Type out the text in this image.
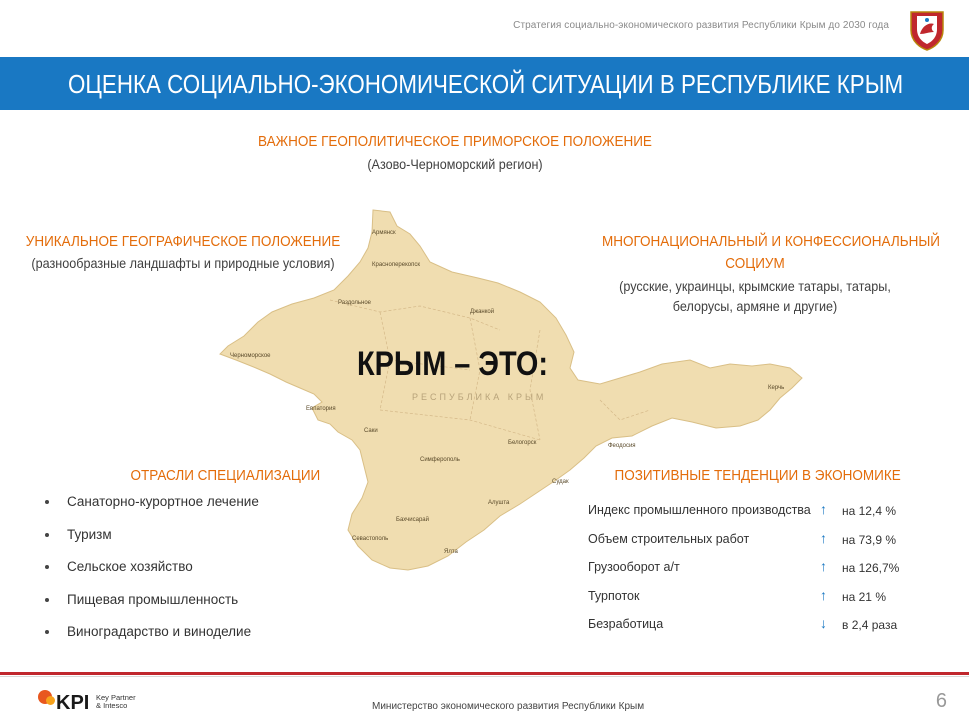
Стратегия социально-экономического развития Республики Крым до 2030 года
ОЦЕНКА СОЦИАЛЬНО-ЭКОНОМИЧЕСКОЙ СИТУАЦИИ В РЕСПУБЛИКЕ КРЫМ
Армянск
Красноперекопск
Раздольное
Джанкой
Черноморское
Евпатория
Саки
Симферополь
Бахчисарай
Алушта
Судак
Феодосия
Керчь
Севастополь
Ялта
Белогорск
РЕСПУБЛИКА КРЫМ
ВАЖНОЕ ГЕОПОЛИТИЧЕСКОЕ ПРИМОРСКОЕ ПОЛОЖЕНИЕ
(Азово-Черноморский регион)
УНИКАЛЬНОЕ ГЕОГРАФИЧЕСКОЕ ПОЛОЖЕНИЕ
(разнообразные ландшафты и природные условия)
МНОГОНАЦИОНАЛЬНЫЙ И КОНФЕССИОНАЛЬНЫЙ
СОЦИУМ
(русские, украинцы, крымские татары, татары,
белорусы, армяне и другие)
КРЫМ – ЭТО:
ОТРАСЛИ СПЕЦИАЛИЗАЦИИ
Санаторно-курортное лечение
Туризм
Сельское хозяйство
Пищевая промышленность
Виноградарство и виноделие
ПОЗИТИВНЫЕ ТЕНДЕНЦИИ В ЭКОНОМИКЕ
Индекс промышленного производства ↑ на 12,4 %
Объем строительных работ	↑ на 73,9 %
Грузооборот а/т	↑ на 126,7%
Турпоток	↑ на 21 %
Безработица	↓ в 2,4 раза
KPI Key Partner
& Intesco	Министерство экономического развития Республики Крым	6
